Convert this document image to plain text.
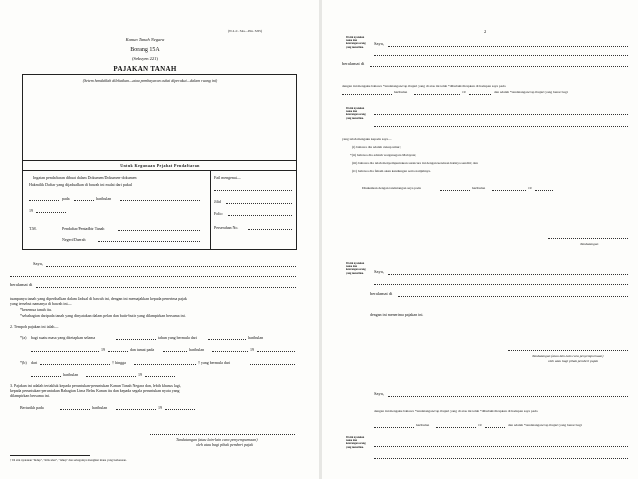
(N.L.C. 34a—Pin. 3/65)
Kanun Tanah Negara
Borang 15A
(Seksyen 221)
PAJAKAN TANAH
(Setem hendaklah dilekatkan—atau pembayaran cukai diperakui—dalam ruang ini)
Untuk Kegunaan Pejabat Pendaftaran
Ingatan pendaftaran dibuat dalam Dokumen/Dokumen-dokumen
Hakmilik Daftar yang dijadualkan di bawah ini mulai dari pukul
pada	haribulan
19
T.M.	Pendaftar/Pentadbir Tanah
Negeri/Daerah
Fail mengenai—
Jilid
Folio
Perserahan No.
Saya,
beralamat di
tuanpunya tanah yang diperihalkan dalam Jadual di bawah ini, dengan ini memajakkan kepada penerima pajak
yang tersebut namanya di bawah ini—
*kesemua tanah itu.
*sebahagian daripada tanah yang dinyatakan dalam pelan dan butir-butir yang dilampirkan bersama ini.
2. Tempoh pajakan ini ialah—
*(a) bagi suatu masa yang ditetapkan selama	tahun yang bermula dari	haribulan
19	dan tamat pada	haribulan	19
*(b) dari	† hingga	† yang bermula dari
haribulan	19
3. Pajakan ini adalah tertakluk kepada peruntukan-peruntukan Kanun Tanah Negara dan, lebih khusus lagi,
kepada peruntukan-peruntukan Bahagian Lima Belas Kanun itu dan kepada segala peruntukan nyata yang
dilampirkan bersama ini.
Bertarikh pada	haribulan	19
Tandatangan (atau lain-lain cara penyempurnaan)
oleh atau bagi pihak pemberi pajak
† Di sini nyatakan "hidup", "mlis uhar", "lahup" dan sebagainya mengikut mana yang berkenaan.
2
Di sini nyatakan nama dan keterangan orang yang menerima.
Saya,
beralamat di
dengan ini mengaku bahawa *tandatangan/cap ibujari yang di atas ini telah *dibubuh/dicapkan di hadapan saya pada
haribulan	19	dan adalah *tandatangan/cap ibujari yang benar bagi
Di sini nyatakan nama dan keterangan orang yang menerima.
yang telah mengaku kepada saya—
(i) bahawa dia adalah cukup umur;
*(ii) bahawa dia adalah warganegara Malaysia;
(iii) bahawa dia telah menyempurnakan suratcara ini dengan kerelaan hatinya sendiri; dan
(iv) bahawa dia faham akan kandungan serta natijahnya.
Disaksikan dengan tandatangan saya pada	haribulan	19
Tandatangan
Di sini nyatakan nama dan keterangan orang yang menerima.	Saya,
beralamat di
dengan ini menerima pajakan ini.
Tandatangan (atau lain-lain cara penyempurnaan)
oleh atau bagi pihak pemberi pajak
Saya,
dengan ini mengaku bahawa *tandatangan/cap ibujari yang di atas ini telah *dibubuh/dicapkan di hadapan saya pada
haribulan	19	dan adalah *tandatangan/cap ibujari yang benar bagi
Di sini nyatakan nama dan keterangan orang yang menerima.
